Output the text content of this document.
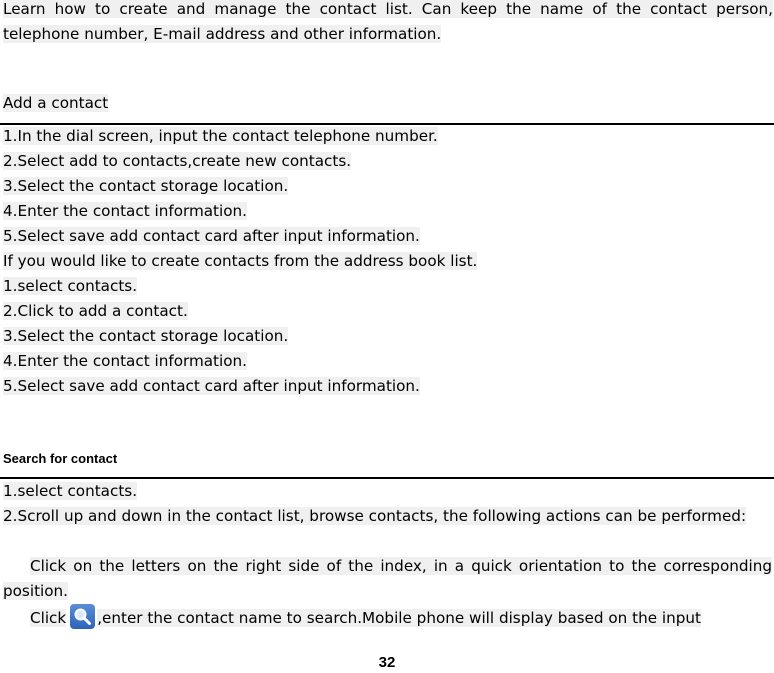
Learn how to create and manage the contact list. Can keep the name of the contact person,
telephone number, E-mail address and other information.
Add a contact
1.In the dial screen, input the contact telephone number.
2.Select add to contacts,create new contacts.
3.Select the contact storage location.
4.Enter the contact information.
5.Select save add contact card after input information.
If you would like to create contacts from the address book list.
1.select contacts.
2.Click to add a contact.
3.Select the contact storage location.
4.Enter the contact information.
5.Select save add contact card after input information.
Search for contact
1.select contacts.
2.Scroll up and down in the contact list, browse contacts, the following actions can be performed:
Click on the letters on the right side of the index, in a quick orientation to the corresponding position.
Click ,enter the contact name to search.Mobile phone will display based on the input
32
